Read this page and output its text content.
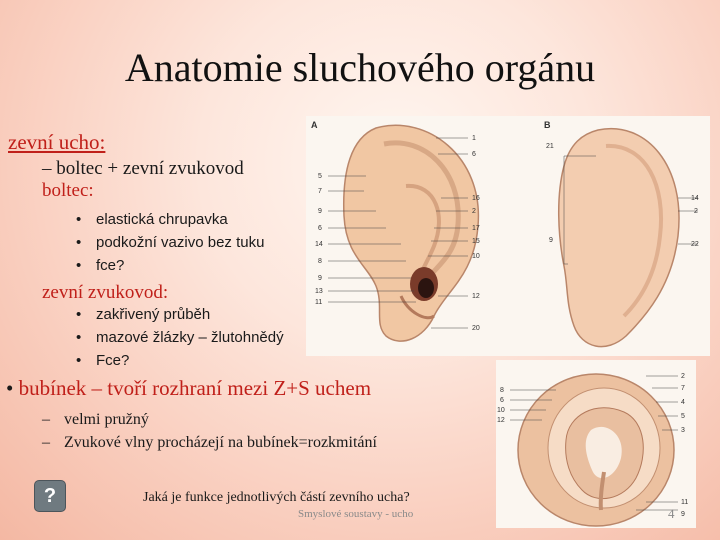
Anatomie sluchového orgánu
A	B
5
7
9
6
14
8
9
13
11
1
6
16
2
17
15
10
12
20
21
9
14
2
22
8
6
10
12
2
7
4
5
3
11
9
zevní ucho:
– boltec + zevní zvukovod
boltec:
• elastická chrupavka
• podkožní vazivo bez tuku
• fce?
zevní zvukovod:
• zakřivený průběh
• mazové žlázky – žlutohnědý
• Fce?
• bubínek – tvoří rozhraní mezi Z+S uchem
– velmi pružný
– Zvukové vlny procházejí na bubínek=rozkmitání
?	Jaká je funkce jednotlivých částí zevního ucha?
Smyslové soustavy - ucho	4
